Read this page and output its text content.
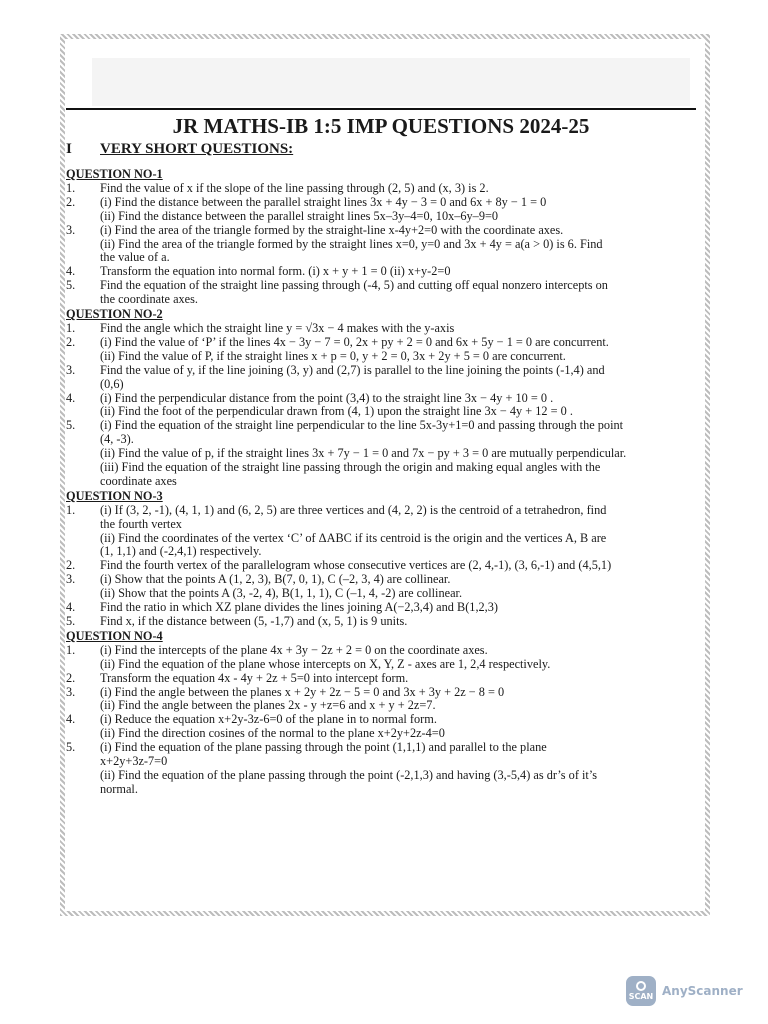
JR MATHS-IB 1:5 IMP QUESTIONS 2024-25
I VERY SHORT QUESTIONS:
QUESTION NO-1
1.	Find the value of x if the slope of the line passing through (2, 5) and (x, 3) is 2.
2.	(i) Find the distance between the parallel straight lines 3x + 4y − 3 = 0 and 6x + 8y − 1 = 0
(ii) Find the distance between the parallel straight lines 5x–3y–4=0, 10x–6y–9=0
3.	(i) Find the area of the triangle formed by the straight-line x-4y+2=0 with the coordinate axes.
(ii) Find the area of the triangle formed by the straight lines x=0, y=0 and 3x + 4y = a(a > 0) is 6. Find
the value of a.
4.	Transform the equation into normal form. (i) x + y + 1 = 0 (ii) x+y-2=0
5.	Find the equation of the straight line passing through (-4, 5) and cutting off equal nonzero intercepts on
the coordinate axes.
QUESTION NO-2
1.	Find the angle which the straight line y = √3x − 4 makes with the y-axis
2.	(i) Find the value of ‘P’ if the lines 4x − 3y − 7 = 0, 2x + py + 2 = 0 and 6x + 5y − 1 = 0 are concurrent.
(ii) Find the value of P, if the straight lines x + p = 0, y + 2 = 0, 3x + 2y + 5 = 0 are concurrent.
3.	Find the value of y, if the line joining (3, y) and (2,7) is parallel to the line joining the points (-1,4) and
(0,6)
4.	(i) Find the perpendicular distance from the point (3,4) to the straight line 3x − 4y + 10 = 0 .
(ii) Find the foot of the perpendicular drawn from (4, 1) upon the straight line 3x − 4y + 12 = 0 .
5.	(i) Find the equation of the straight line perpendicular to the line 5x-3y+1=0 and passing through the point
(4, -3).
(ii) Find the value of p, if the straight lines 3x + 7y − 1 = 0 and 7x − py + 3 = 0 are mutually perpendicular.
(iii) Find the equation of the straight line passing through the origin and making equal angles with the
coordinate axes
QUESTION NO-3
1.	(i) If (3, 2, -1), (4, 1, 1) and (6, 2, 5) are three vertices and (4, 2, 2) is the centroid of a tetrahedron, find
the fourth vertex
(ii) Find the coordinates of the vertex ‘C’ of ΔABC if its centroid is the origin and the vertices A, B are
(1, 1,1) and (-2,4,1) respectively.
2.	Find the fourth vertex of the parallelogram whose consecutive vertices are (2, 4,-1), (3, 6,-1) and (4,5,1)
3.	(i) Show that the points A (1, 2, 3), B(7, 0, 1), C (–2, 3, 4) are collinear.
(ii) Show that the points A (3, -2, 4), B(1, 1, 1), C (–1, 4, -2) are collinear.
4.	Find the ratio in which XZ plane divides the lines joining A(−2,3,4) and B(1,2,3)
5.	Find x, if the distance between (5, -1,7) and (x, 5, 1) is 9 units.
QUESTION NO-4
1.	(i) Find the intercepts of the plane 4x + 3y − 2z + 2 = 0 on the coordinate axes.
(ii) Find the equation of the plane whose intercepts on X, Y, Z - axes are 1, 2,4 respectively.
2.	Transform the equation 4x - 4y + 2z + 5=0 into intercept form.
3.	(i) Find the angle between the planes x + 2y + 2z − 5 = 0 and 3x + 3y + 2z − 8 = 0
(ii) Find the angle between the planes 2x - y +z=6 and x + y + 2z=7.
4.	(i) Reduce the equation x+2y-3z-6=0 of the plane in to normal form.
(ii) Find the direction cosines of the normal to the plane x+2y+2z-4=0
5.	(i) Find the equation of the plane passing through the point (1,1,1) and parallel to the plane
x+2y+3z-7=0
(ii) Find the equation of the plane passing through the point (-2,1,3) and having (3,-5,4) as dr’s of it’s
normal.
SCAN AnyScanner
